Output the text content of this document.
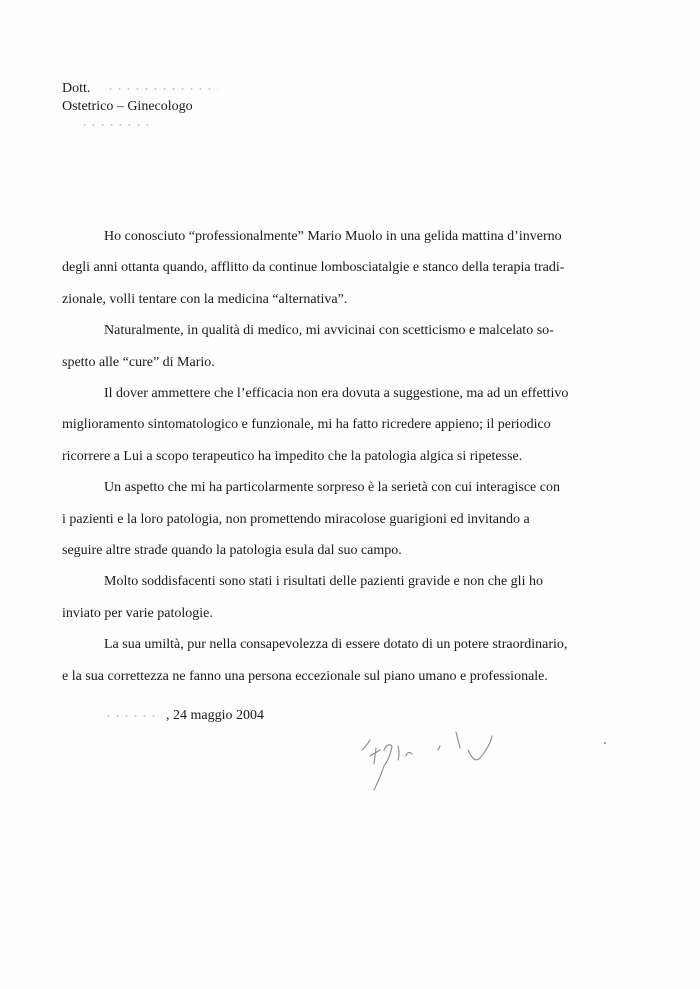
Dott.
Ostetrico – Ginecologo
Ho conosciuto “professionalmente” Mario Muolo in una gelida mattina d’inverno
degli anni ottanta quando, afflitto da continue lombosciatalgie e stanco della terapia tradi-
zionale, volli tentare con la medicina “alternativa”.
Naturalmente, in qualità di medico, mi avvicinai con scetticismo e malcelato so-
spetto alle “cure” di Mario.
Il dover ammettere che l’efficacia non era dovuta a suggestione, ma ad un effettivo
miglioramento sintomatologico e funzionale, mi ha fatto ricredere appieno; il periodico
ricorrere a Lui a scopo terapeutico ha impedito che la patologia algica si ripetesse.
Un aspetto che mi ha particolarmente sorpreso è la serietà con cui interagisce con
i pazienti e la loro patologia, non promettendo miracolose guarigioni ed invitando a
seguire altre strade quando la patologia esula dal suo campo.
Molto soddisfacenti sono stati i risultati delle pazienti gravide e non che gli ho
inviato per varie patologie.
La sua umiltà, pur nella consapevolezza di essere dotato di un potere straordinario,
e la sua correttezza ne fanno una persona eccezionale sul piano umano e professionale.
, 24 maggio 2004
